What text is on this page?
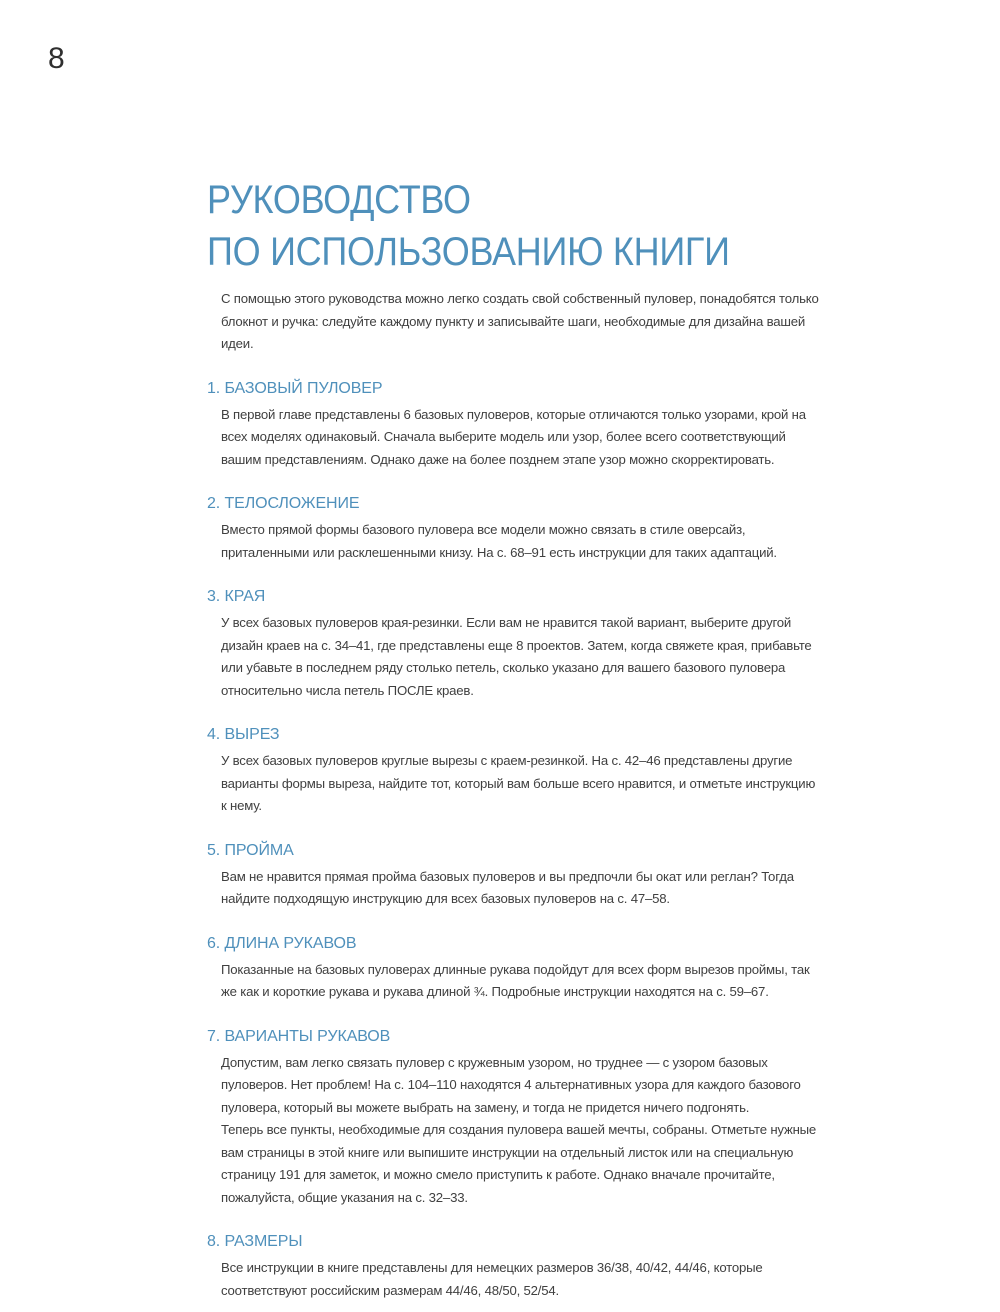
8
РУКОВОДСТВО
ПО ИСПОЛЬЗОВАНИЮ КНИГИ

С помощью этого руководства можно легко создать свой собственный пуловер, понадобятся только блокнот и ручка: следуйте каждому пункту и записывайте шаги, необходимые для дизайна вашей идеи.

1. БАЗОВЫЙ ПУЛОВЕР

В первой главе представлены 6 базовых пуловеров, которые отличаются только узорами, крой на всех моделях одинаковый. Сначала выберите модель или узор, более всего соответствующий вашим представлениям. Однако даже на более позднем этапе узор можно скорректировать.

2. ТЕЛОСЛОЖЕНИЕ

Вместо прямой формы базового пуловера все модели можно связать в стиле оверсайз, приталенными или расклешенными книзу. На с. 68–91 есть инструкции для таких адаптаций.

3. КРАЯ

У всех базовых пуловеров края-резинки. Если вам не нравится такой вариант, выберите другой дизайн краев на с. 34–41, где представлены еще 8 проектов. Затем, когда свяжете края, прибавьте или убавьте в последнем ряду столько петель, сколько указано для вашего базового пуловера относительно числа петель ПОСЛЕ краев.

4. ВЫРЕЗ

У всех базовых пуловеров круглые вырезы с краем-резинкой. На с. 42–46 представлены другие варианты формы выреза, найдите тот, который вам больше всего нравится, и отметьте инструкцию к нему.

5. ПРОЙМА

Вам не нравится прямая пройма базовых пуловеров и вы предпочли бы окат или реглан? Тогда найдите подходящую инструкцию для всех базовых пуловеров на с. 47–58.

6. ДЛИНА РУКАВОВ

Показанные на базовых пуловерах длинные рукава подойдут для всех форм вырезов проймы, так же как и короткие рукава и рукава длиной ¾. Подробные инструкции находятся на с. 59–67.

7. ВАРИАНТЫ РУКАВОВ

Допустим, вам легко связать пуловер с кружевным узором, но труднее — с узором базовых пуловеров. Нет проблем! На с. 104–110 находятся 4 альтернативных узора для каждого базового пуловера, который вы можете выбрать на замену, и тогда не придется ничего подгонять.

Теперь все пункты, необходимые для создания пуловера вашей мечты, собраны. Отметьте нужные вам страницы в этой книге или выпишите инструкции на отдельный листок или на специальную страницу 191 для заметок, и можно смело приступить к работе. Однако вначале прочитайте, пожалуйста, общие указания на с. 32–33.

8. РАЗМЕРЫ

Все инструкции в книге представлены для немецких размеров 36/38, 40/42, 44/46, которые соответствуют российским размерам 44/46, 48/50, 52/54.
